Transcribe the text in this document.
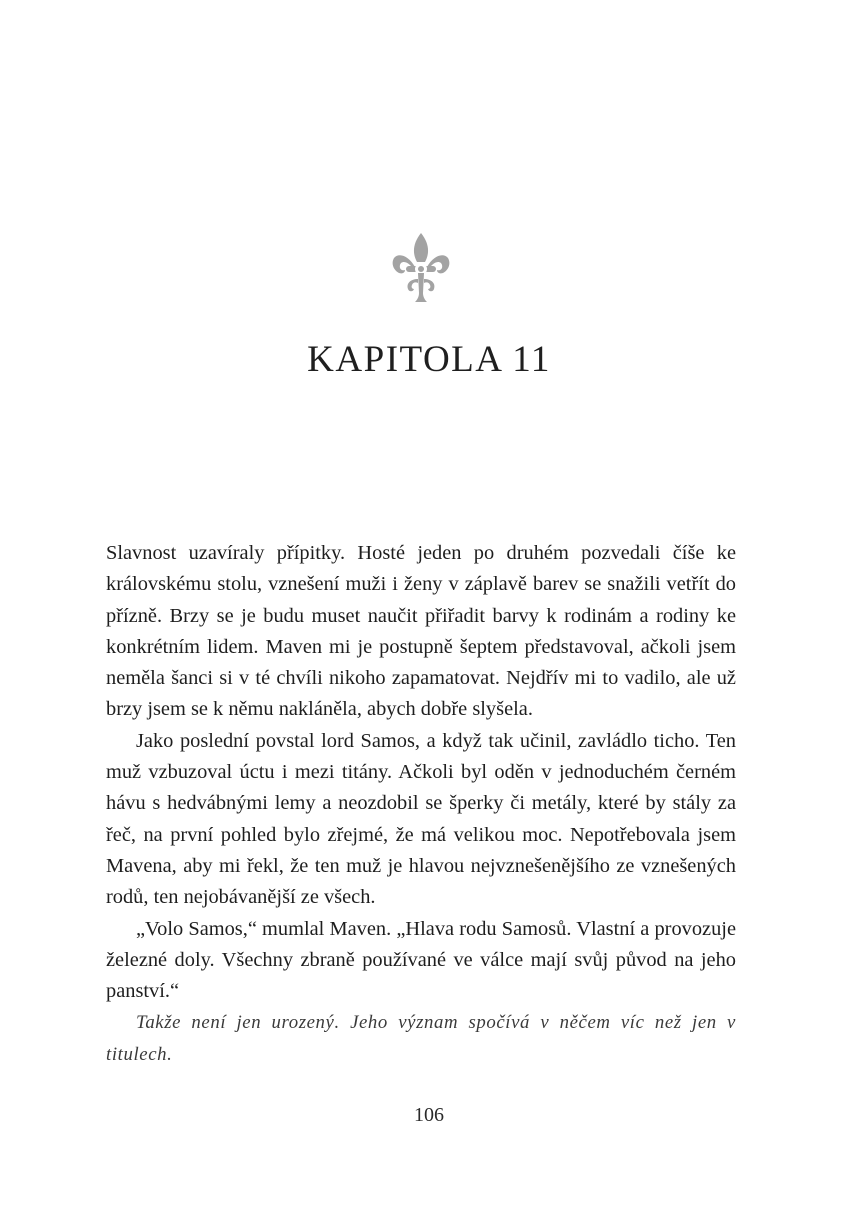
KAPITOLA 11

Slavnost uzavíraly přípitky. Hosté jeden po druhém pozvedali číše ke královskému stolu, vznešení muži i ženy v záplavě barev se snažili vetřít do přízně. Brzy se je budu muset naučit přiřadit barvy k rodinám a rodiny ke konkrétním lidem. Maven mi je postupně šeptem představoval, ačkoli jsem neměla šanci si v té chvíli nikoho zapamatovat. Nejdřív mi to vadilo, ale už brzy jsem se k němu nakláněla, abych dobře slyšela.

Jako poslední povstal lord Samos, a když tak učinil, zavládlo ticho. Ten muž vzbuzoval úctu i mezi titány. Ačkoli byl oděn v jednoduchém černém hávu s hedvábnými lemy a neozdobil se šperky či metály, které by stály za řeč, na první pohled bylo zřejmé, že má velikou moc. Nepotřebovala jsem Mavena, aby mi řekl, že ten muž je hlavou nejvznešenějšího ze vznešených rodů, ten nejobávanější ze všech.

„Volo Samos,“ mumlal Maven. „Hlava rodu Samosů. Vlastní a provozuje železné doly. Všechny zbraně používané ve válce mají svůj původ na jeho panství.“

Takže není jen urozený. Jeho význam spočívá v něčem víc než jen v titulech.

106
